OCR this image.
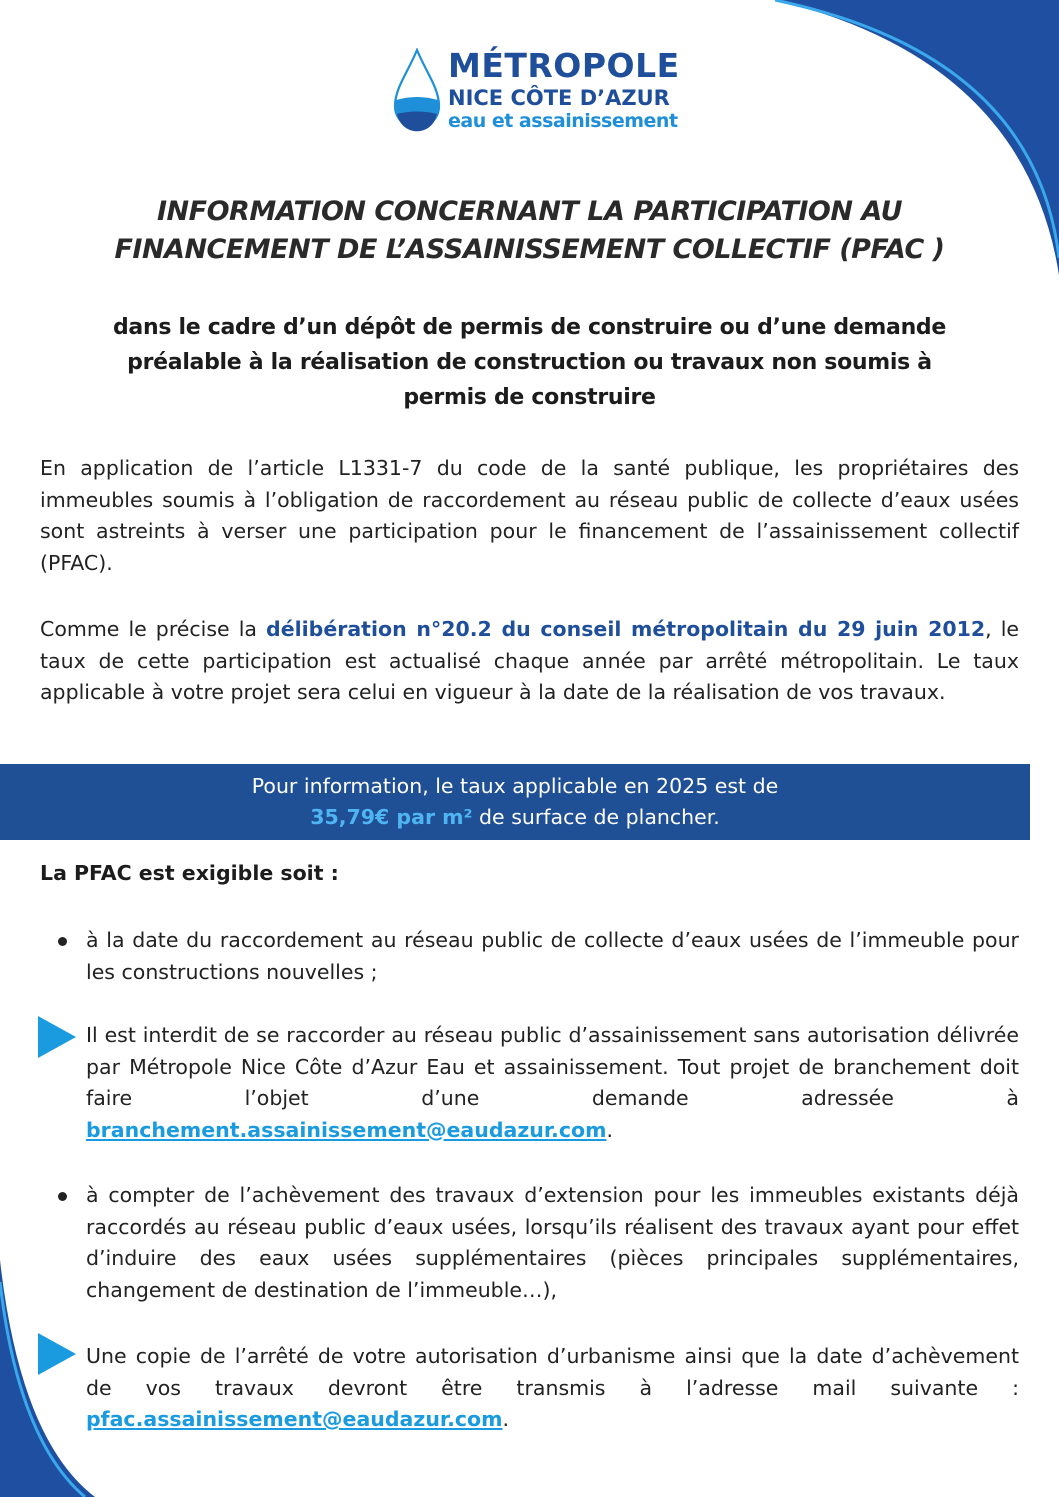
MÉTROPOLE
NICE CÔTE D’AZUR
eau et assainissement
INFORMATION CONCERNANT LA PARTICIPATION AU
FINANCEMENT DE L’ASSAINISSEMENT COLLECTIF (PFAC )
dans le cadre d’un dépôt de permis de construire ou d’une demande
préalable à la réalisation de construction ou travaux non soumis à
permis de construire
En application de l’article L1331-7 du code de la santé publique, les propriétaires des immeubles soumis à l’obligation de raccordement au réseau public de collecte d’eaux usées sont astreints à verser une participation pour le financement de l’assainissement collectif (PFAC).
Comme le précise la délibération n°20.2 du conseil métropolitain du 29 juin 2012, le taux de cette participation est actualisé chaque année par arrêté métropolitain. Le taux applicable à votre projet sera celui en vigueur à la date de la réalisation de vos travaux.
Pour information, le taux applicable en 2025 est de
35,79€ par m² de surface de plancher.
La PFAC est exigible soit :
à la date du raccordement au réseau public de collecte d’eaux usées de l’immeuble pour les constructions nouvelles ;
Il est interdit de se raccorder au réseau public d’assainissement sans autorisation délivrée par Métropole Nice Côte d’Azur Eau et assainissement. Tout projet de branchement doit faire l’objet d’une demande adressée à branchement.assainissement@eaudazur.com.
à compter de l’achèvement des travaux d’extension pour les immeubles existants déjà raccordés au réseau public d’eaux usées, lorsqu’ils réalisent des travaux ayant pour effet d’induire des eaux usées supplémentaires (pièces principales supplémentaires, changement de destination de l’immeuble…),
Une copie de l’arrêté de votre autorisation d’urbanisme ainsi que la date d’achèvement de vos travaux devront être transmis à l’adresse mail suivante : pfac.assainissement@eaudazur.com.
